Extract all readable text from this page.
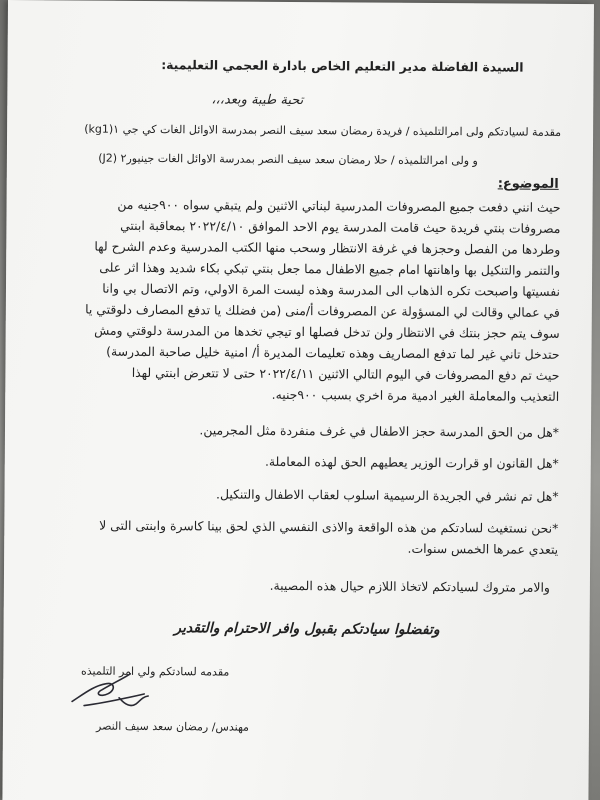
السيدة الفاضلة مدير التعليم الخاص بادارة العجمي التعليمية:
تحية طيبة وبعد،،،
مقدمة لسيادتكم ولى امرالتلميذه / فريدة رمضان سعد سيف النصر بمدرسة الاوائل الغات كي جي ١(kg1)
و ولى امرالتلميذه / حلا رمضان سعد سيف النصر بمدرسة الاوائل الغات جينيور٢ (J2)
الموضوع:
حيث انني دفعت جميع المصروفات المدرسية لبناتي الاثنين ولم يتبقي سواه ٩٠٠جنيه من
مصروفات بنتي فريدة حيث قامت المدرسة يوم الاحد الموافق ٢٠٢٢/٤/١٠ بمعاقبة ابنتي
وطردها من الفصل وحجزها في غرفة الانتظار وسحب منها الكتب المدرسية وعدم الشرح لها
والتنمر والتنكيل بها واهانتها امام جميع الاطفال مما جعل بنتي تبكي بكاء شديد وهذا اثر على
نفسيتها واصبحت تكره الذهاب الى المدرسة وهذه ليست المرة الاولي، وتم الاتصال بي وانا
في عمالي وقالت لي المسؤولة عن المصروفات أ/منى (من فضلك يا تدفع المصارف دلوقتي يا
سوف يتم حجز بنتك في الانتظار ولن تدخل فصلها او تيجي تخدها من المدرسة دلوقتي ومش
حتدخل تاني غير لما تدفع المصاريف وهذه تعليمات المديرة أ/ امنية خليل صاحبة المدرسة)
حيث تم دفع المصروفات في اليوم التالي الاثنين ٢٠٢٢/٤/١١ حتى لا تتعرض ابنتي لهذا
التعذيب والمعاملة الغير ادمية مرة اخري بسبب ٩٠٠جنيه.
*هل من الحق المدرسة حجز الاطفال في غرف منفردة مثل المجرمين.
*هل القانون او قرارت الوزير يعطيهم الحق لهذه المعاملة.
*هل تم نشر في الجريدة الرسيمية اسلوب لعقاب الاطفال والتنكيل.
*نحن نستغيث لسادتكم من هذه الواقعة والاذى النفسي الذي لحق بينا كاسرة وابنتى التى لا
يتعدي عمرها الخمس سنوات.
والامر متروك لسيادتكم لاتخاذ اللازم حيال هذه المصيبة.
وتفضلوا سيادتكم بقبول وافر الاحترام والتقدير
مقدمه لسادتكم ولي امر التلميذه
مهندس/ رمضان سعد سيف النصر
